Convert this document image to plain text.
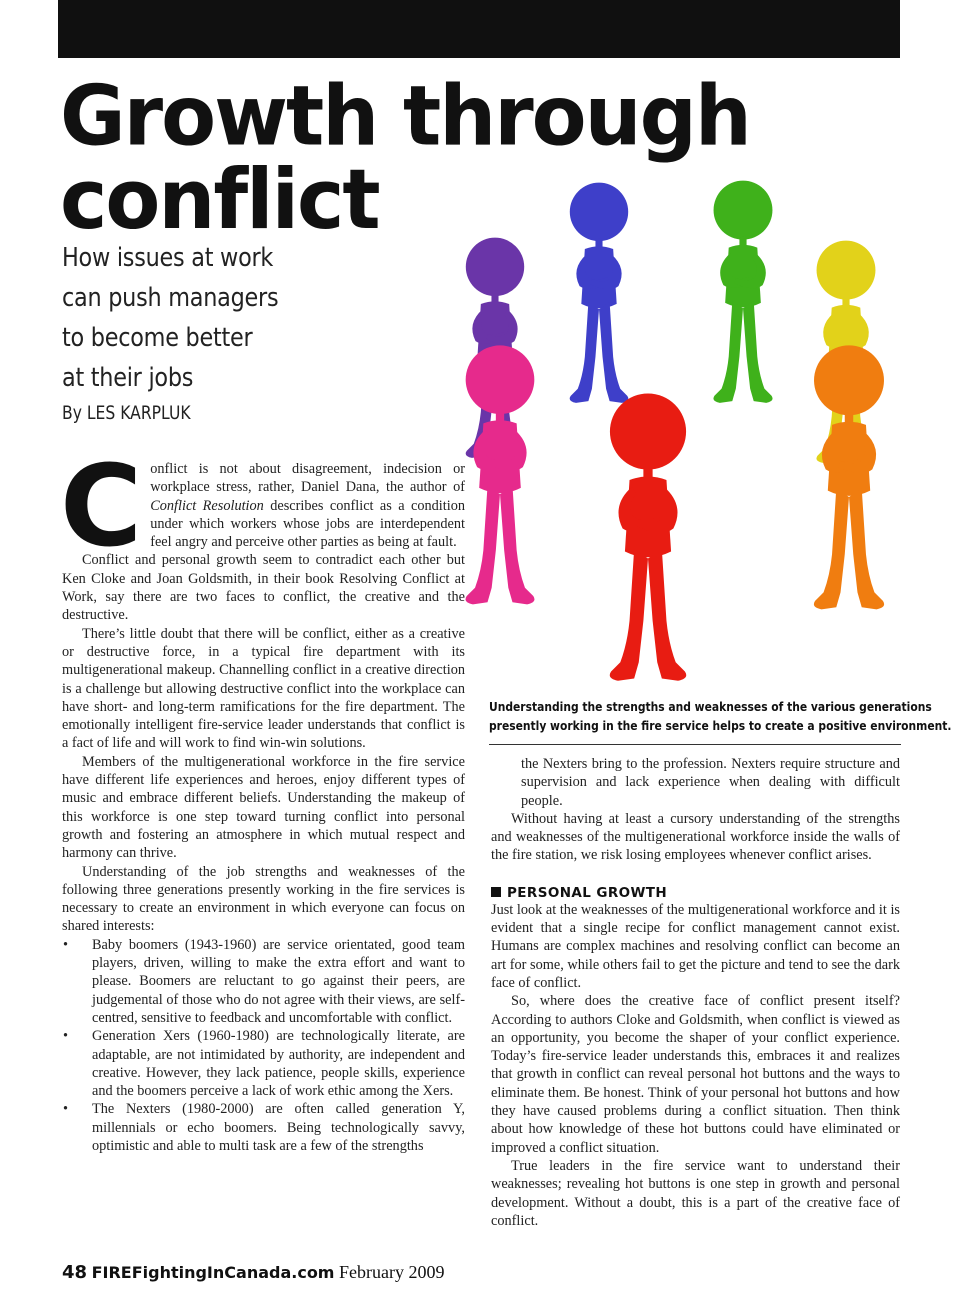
Growth through
conflict
How issues at work
can push managers
to become better
at their jobs
By LES KARPLUK
Understanding the strengths and weaknesses of the various generations
presently working in the fire service helps to create a positive environment.

Conflict is not about disagreement, indecision or workplace stress, rather, Daniel Dana, the author of Conflict Resolution describes conflict as a condition under which workers whose jobs are interdependent feel angry and perceive other parties as being at fault.

Conflict and personal growth seem to contradict each other but Ken Cloke and Joan Goldsmith, in their book Resolving Conflict at Work, say there are two faces to conflict, the creative and the destructive.

There’s little doubt that there will be conflict, either as a creative or destructive force, in a typical fire department with its multigenerational makeup. Channelling conflict in a creative direction is a challenge but allowing destructive conflict into the workplace can have short- and long-term ramifications for the fire department. The emotionally intelligent fire-service leader understands that conflict is a fact of life and will work to find win-win solutions.

Members of the multigenerational workforce in the fire service have different life experiences and heroes, enjoy different types of music and embrace different beliefs. Understanding the makeup of this workforce is one step toward turning conflict into personal growth and fostering an atmosphere in which mutual respect and harmony can thrive.

Understanding of the job strengths and weaknesses of the following three generations presently working in the fire services is necessary to create an environment in which everyone can focus on shared interests:

• Baby boomers (1943-1960) are service orientated, good team players, driven, willing to make the extra effort and want to please. Boomers are reluctant to go against their peers, are judgemental of those who do not agree with their views, are self-centred, sensitive to feedback and uncomfortable with conflict.
• Generation Xers (1960-1980) are technologically literate, are adaptable, are not intimidated by authority, are independent and creative. However, they lack patience, people skills, experience and the boomers perceive a lack of work ethic among the Xers.
• The Nexters (1980-2000) are often called generation Y, millennials or echo boomers. Being technologically savvy, optimistic and able to multi task are a few of the strengths

the Nexters bring to the profession. Nexters require structure and supervision and lack experience when dealing with difficult people.

Without having at least a cursory understanding of the strengths and weaknesses of the multigenerational workforce inside the walls of the fire station, we risk losing employees whenever conflict arises.

PERSONAL GROWTH

Just look at the weaknesses of the multigenerational workforce and it is evident that a single recipe for conflict management cannot exist. Humans are complex machines and resolving conflict can become an art for some, while others fail to get the picture and tend to see the dark face of conflict.

So, where does the creative face of conflict present itself? According to authors Cloke and Goldsmith, when conflict is viewed as an opportunity, you become the shaper of your conflict experience. Today’s fire-service leader understands this, embraces it and realizes that growth in conflict can reveal personal hot buttons and the ways to eliminate them. Be honest. Think of your personal hot buttons and how they have caused problems during a conflict situation. Then think about how knowledge of these hot buttons could have eliminated or improved a conflict situation.

True leaders in the fire service want to understand their weaknesses; revealing hot buttons is one step in growth and personal development. Without a doubt, this is a part of the creative face of conflict.

48 FIREFightingInCanada.com February 2009
